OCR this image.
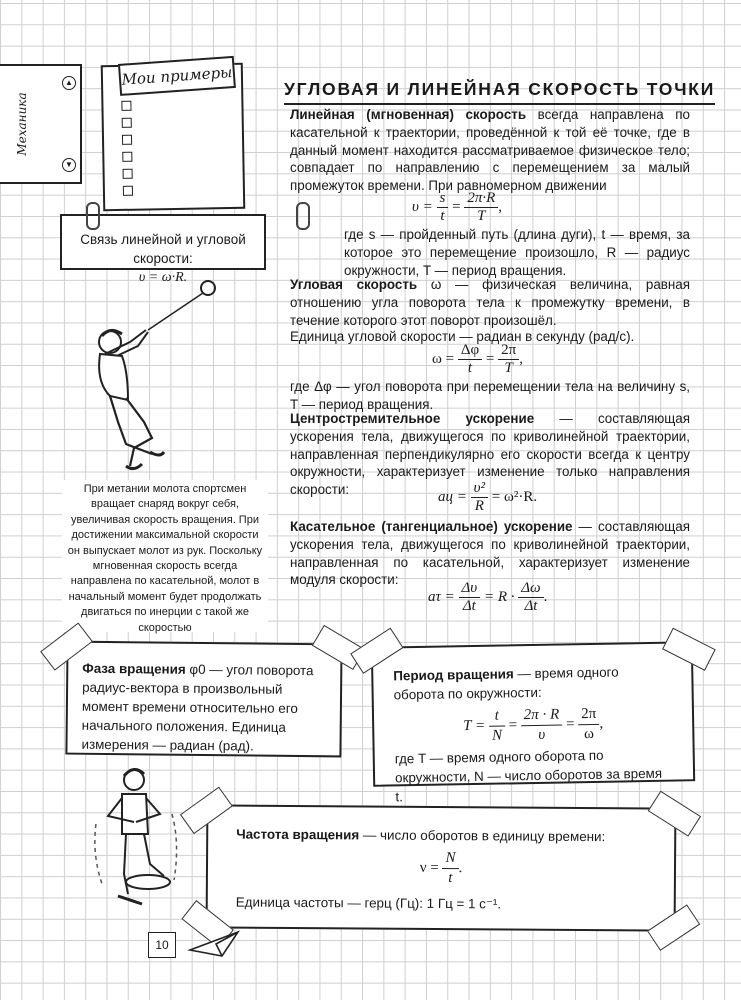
Механика
▲
▼
Мои примеры
Связь линейной и угловой скорости:
υ = ω·R.
При метании молота спортсмен вращает снаряд вокруг себя, увеличивая скорость вращения. При достижении максимальной скорости он выпускает молот из рук. Поскольку мгновенная скорость всегда направлена по касательной, молот в начальный момент будет продолжать двигаться по инерции с такой же скоростью
УГЛОВАЯ И ЛИНЕЙНАЯ СКОРОСТЬ ТОЧКИ
Линейная (мгновенная) скорость всегда направлена по касательной к траектории, проведённой к той её точке, где в данный момент находится рассматриваемое физическое тело; совпадает по направлению с перемещением за малый промежуток времени. При равномерном движении
$\upsilon = \frac{s}{t} = \frac{2\pi\cdot R}{T}$ ,
где s — пройденный путь (длина дуги), t — время, за которое это перемещение произошло, R — радиус окружности, T — период вращения.
Угловая скорость ω — физическая величина, равная отношению угла поворота тела к промежутку времени, в течение которого этот поворот произошёл.
Единица угловой скорости — радиан в секунду (рад/с).
$\omega = \frac{\Delta\varphi}{t} = \frac{2\pi}{T}$ ,
где Δφ — угол поворота при перемещении тела на величину s, T — период вращения.
Центростремительное ускорение — составляющая ускорения тела, движущегося по криволинейной траектории, направленная перпендикулярно его скорости всегда к центру окружности, характеризует изменение только направления скорости:	aц = $\frac{\text{υ²}}{R} = \omega^2\cdot R$.
Касательное (тангенциальное) ускорение — составляющая ускорения тела, движущегося по криволинейной траектории, направленная по касательной, характеризует изменение модуля скорости:
$a\tau = \frac{\Delta\upsilon}{\Delta t} = R \cdot \frac{\Delta\omega}{\Delta t}$ .
Фаза вращения φ0 — угол поворота радиус-вектора в произвольный момент времени относительно его начального положения. Единица измерения — радиан (рад).
Период вращения — время одного оборота по окружности:
$T = \frac{t}{N} = \frac{2\pi \cdot R}{\upsilon} = \frac{2\pi}{\omega}$ ,
где T — время одного оборота по окружности, N — число оборотов за время t.
Частота вращения — число оборотов в единицу времени:
$\nu = \frac{N}{t}$ .
Единица частоты — герц (Гц): 1 Гц = 1 с⁻¹.
10
